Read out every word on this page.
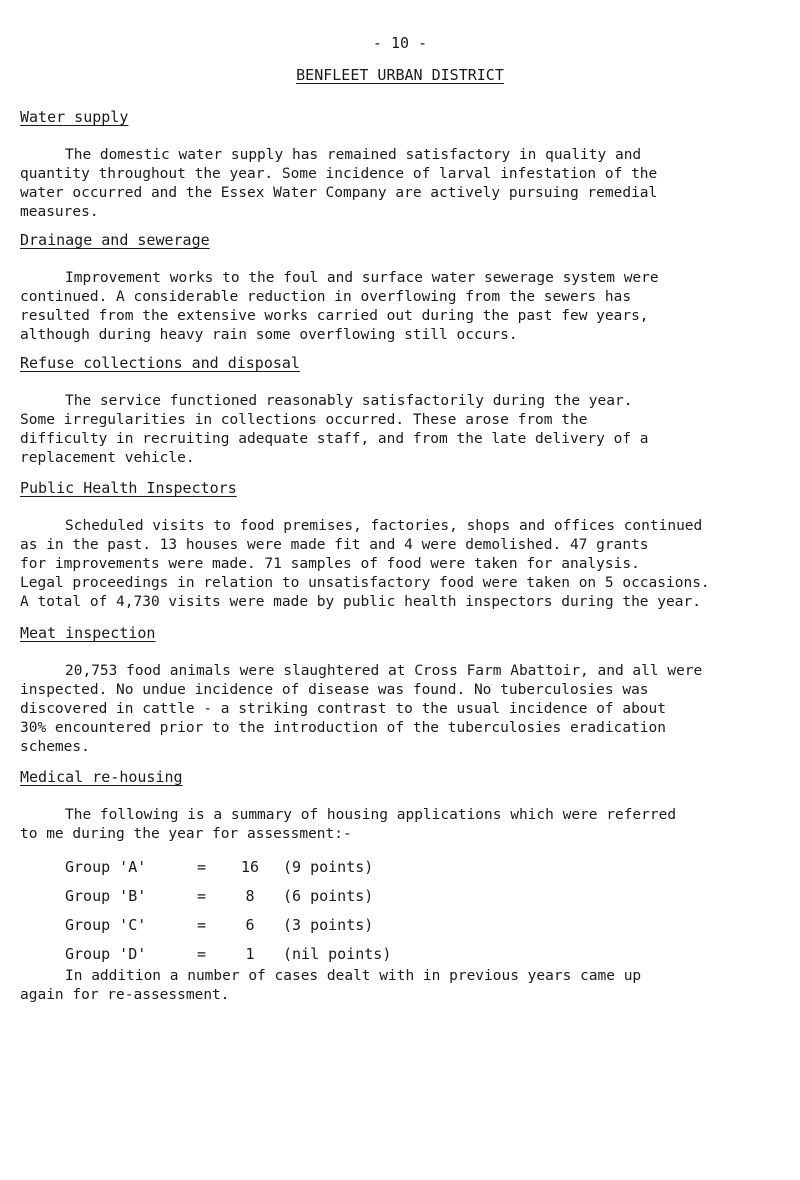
- 10 -
BENFLEET URBAN DISTRICT
Water supply

The domestic water supply has remained satisfactory in quality and
quantity throughout the year. Some incidence of larval infestation of the
water occurred and the Essex Water Company are actively pursuing remedial
measures.

Drainage and sewerage

Improvement works to the foul and surface water sewerage system were
continued. A considerable reduction in overflowing from the sewers has
resulted from the extensive works carried out during the past few years,
although during heavy rain some overflowing still occurs.

Refuse collections and disposal

The service functioned reasonably satisfactorily during the year.
Some irregularities in collections occurred. These arose from the
difficulty in recruiting adequate staff, and from the late delivery of a
replacement vehicle.

Public Health Inspectors

Scheduled visits to food premises, factories, shops and offices continued
as in the past. 13 houses were made fit and 4 were demolished. 47 grants
for improvements were made. 71 samples of food were taken for analysis.
Legal proceedings in relation to unsatisfactory food were taken on 5 occasions.
A total of 4,730 visits were made by public health inspectors during the year.

Meat inspection

20,753 food animals were slaughtered at Cross Farm Abattoir, and all were
inspected. No undue incidence of disease was found. No tuberculosies was
discovered in cattle - a striking contrast to the usual incidence of about
30% encountered prior to the introduction of the tuberculosies eradication
schemes.

Medical re-housing

The following is a summary of housing applications which were referred
to me during the year for assessment:-

Group 'A'	=	16	(9 points)
Group 'B'	=	8	(6 points)
Group 'C'	=	6	(3 points)
Group 'D'	=	1	(nil points)

In addition a number of cases dealt with in previous years came up
again for re-assessment.
